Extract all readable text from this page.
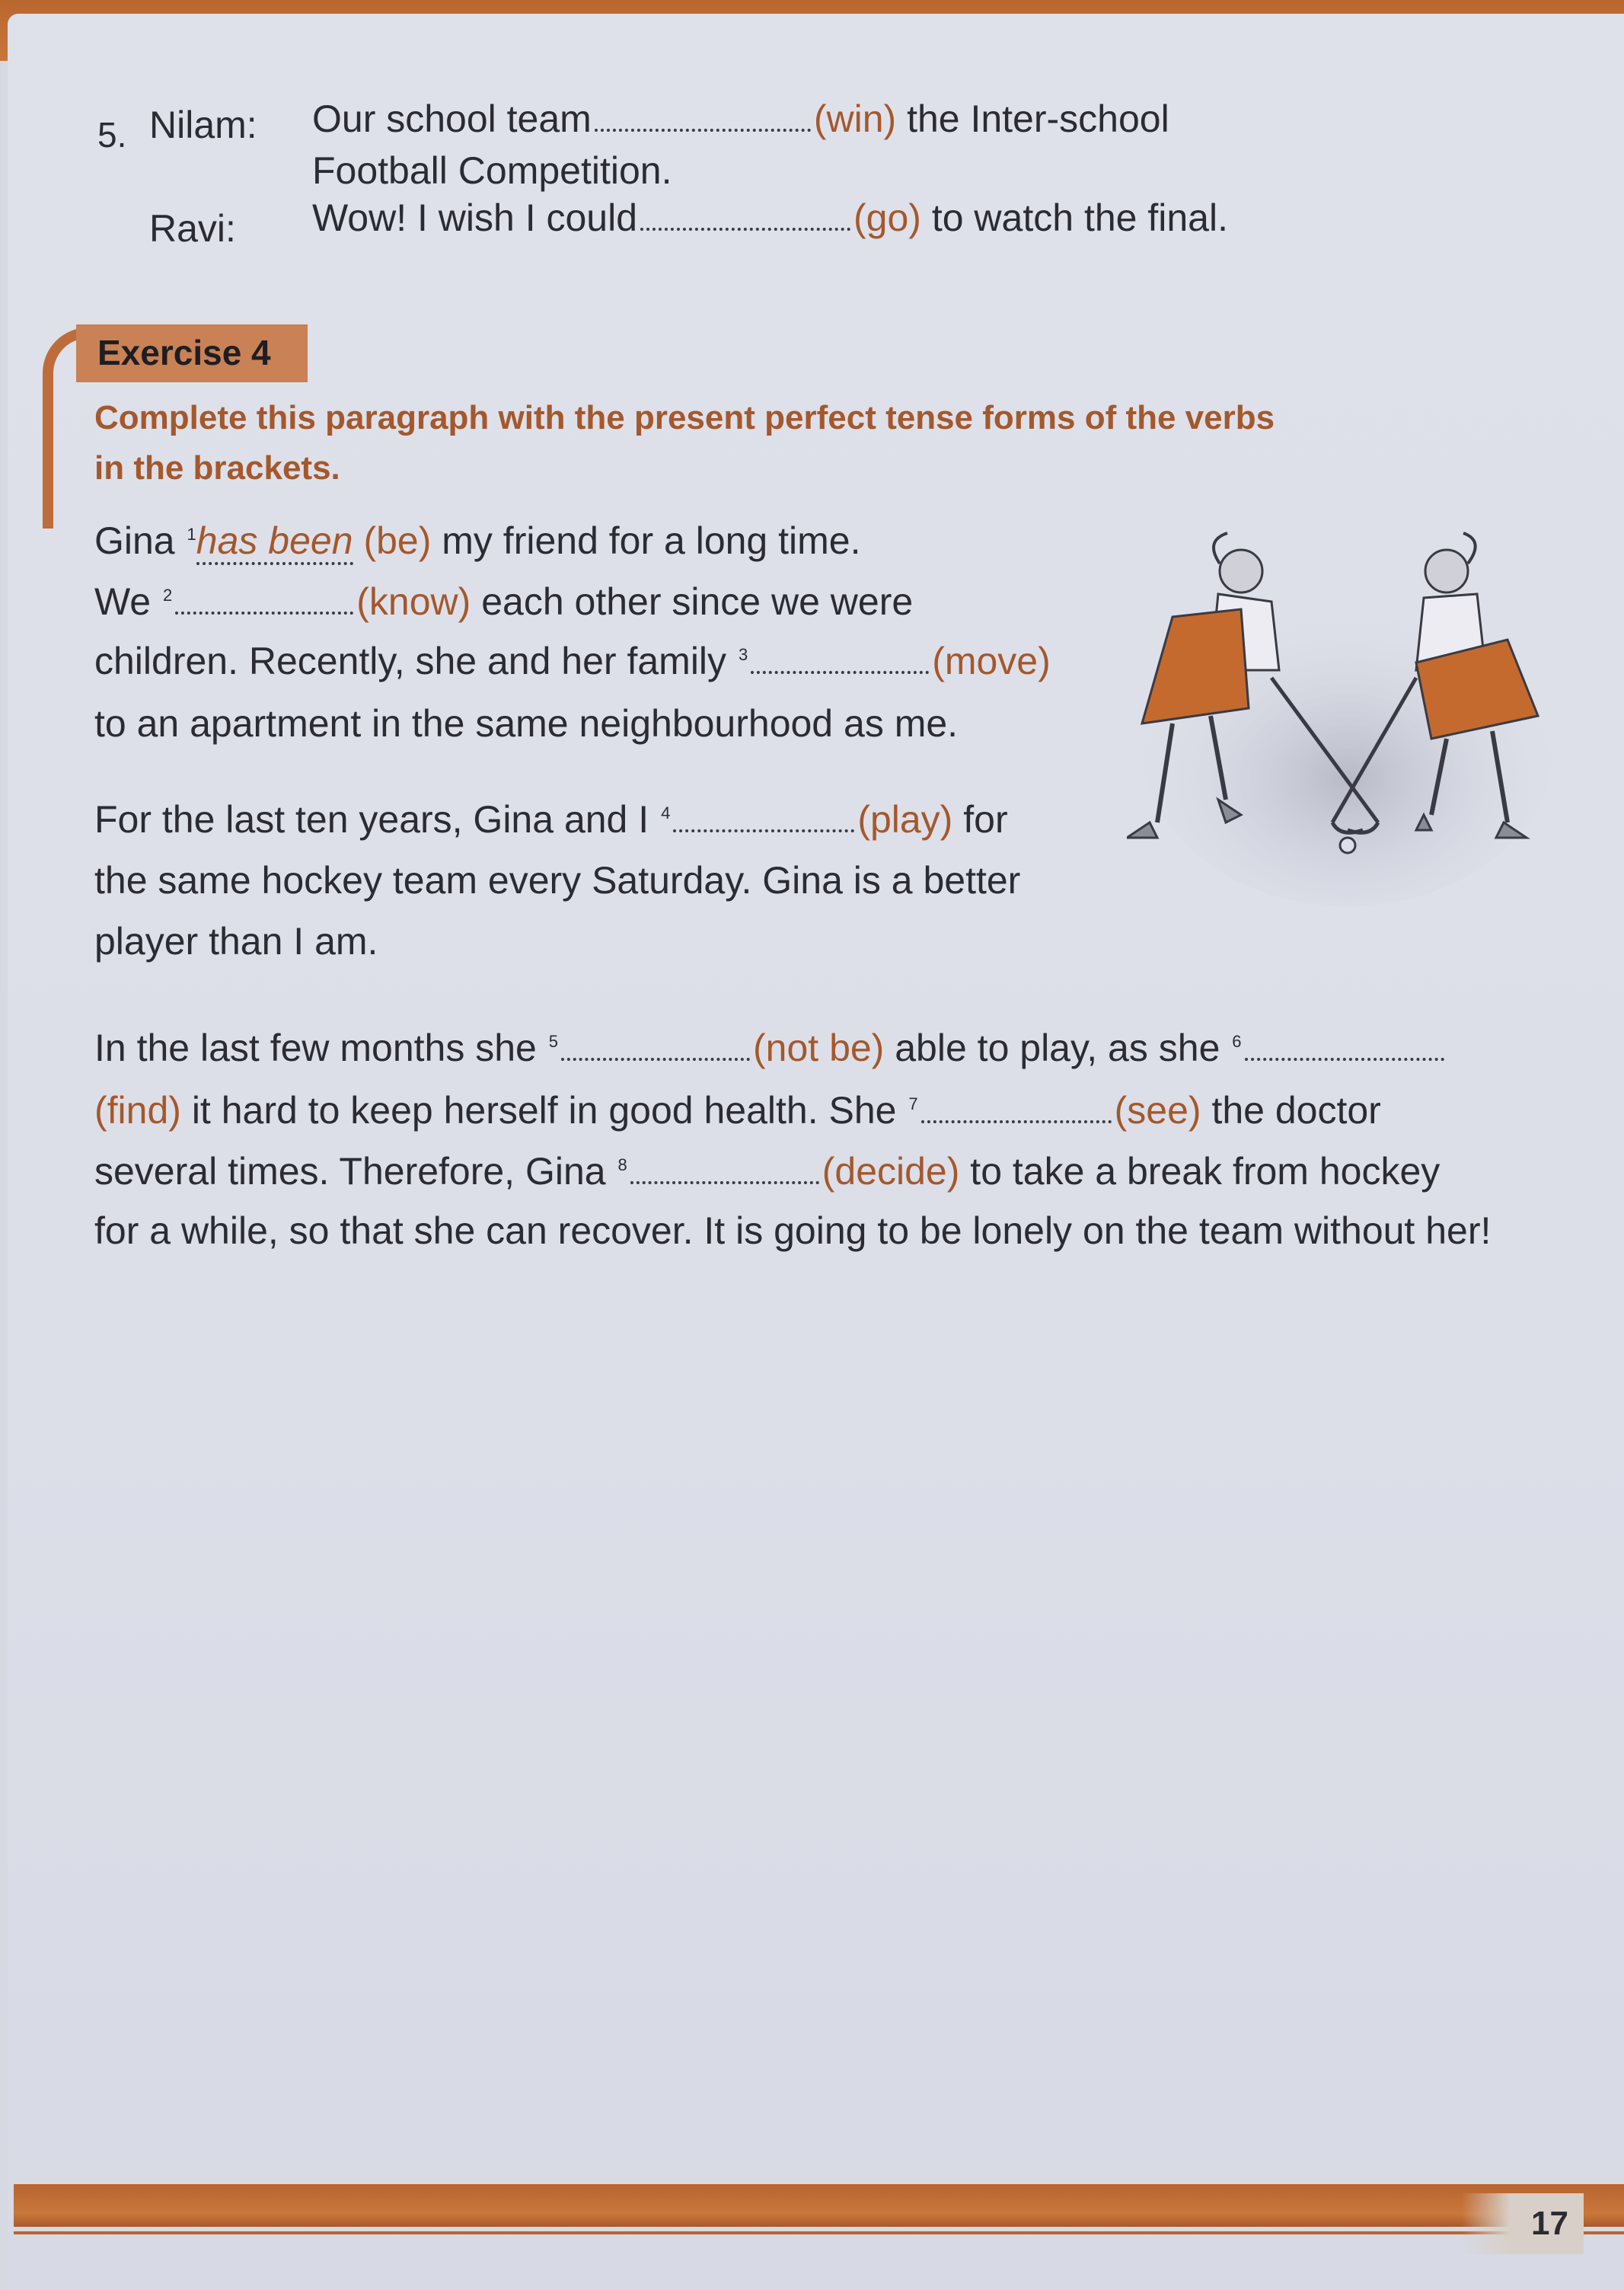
5. Nilam: Our school team	(win) the Inter-school
Football Competition.
Ravi: Wow! I wish I could	(go) to watch the final.
Exercise 4
Complete this paragraph with the present perfect tense forms of the verbs
in the brackets.
Gina $^1$has been (be) my friend for a long time.
We $^2$	(know) each other since we were
children. Recently, she and her family $^3$	(move)
to an apartment in the same neighbourhood as me.
For the last ten years, Gina and I $^4$	(play) for
the same hockey team every Saturday. Gina is a better
player than I am.
In the last few months she $^5$	(not be) able to play, as she $^6$
(find) it hard to keep herself in good health. She $^7$	(see) the doctor
several times. Therefore, Gina $^8$	(decide) to take a break from hockey
for a while, so that she can recover. It is going to be lonely on the team without her!
17
